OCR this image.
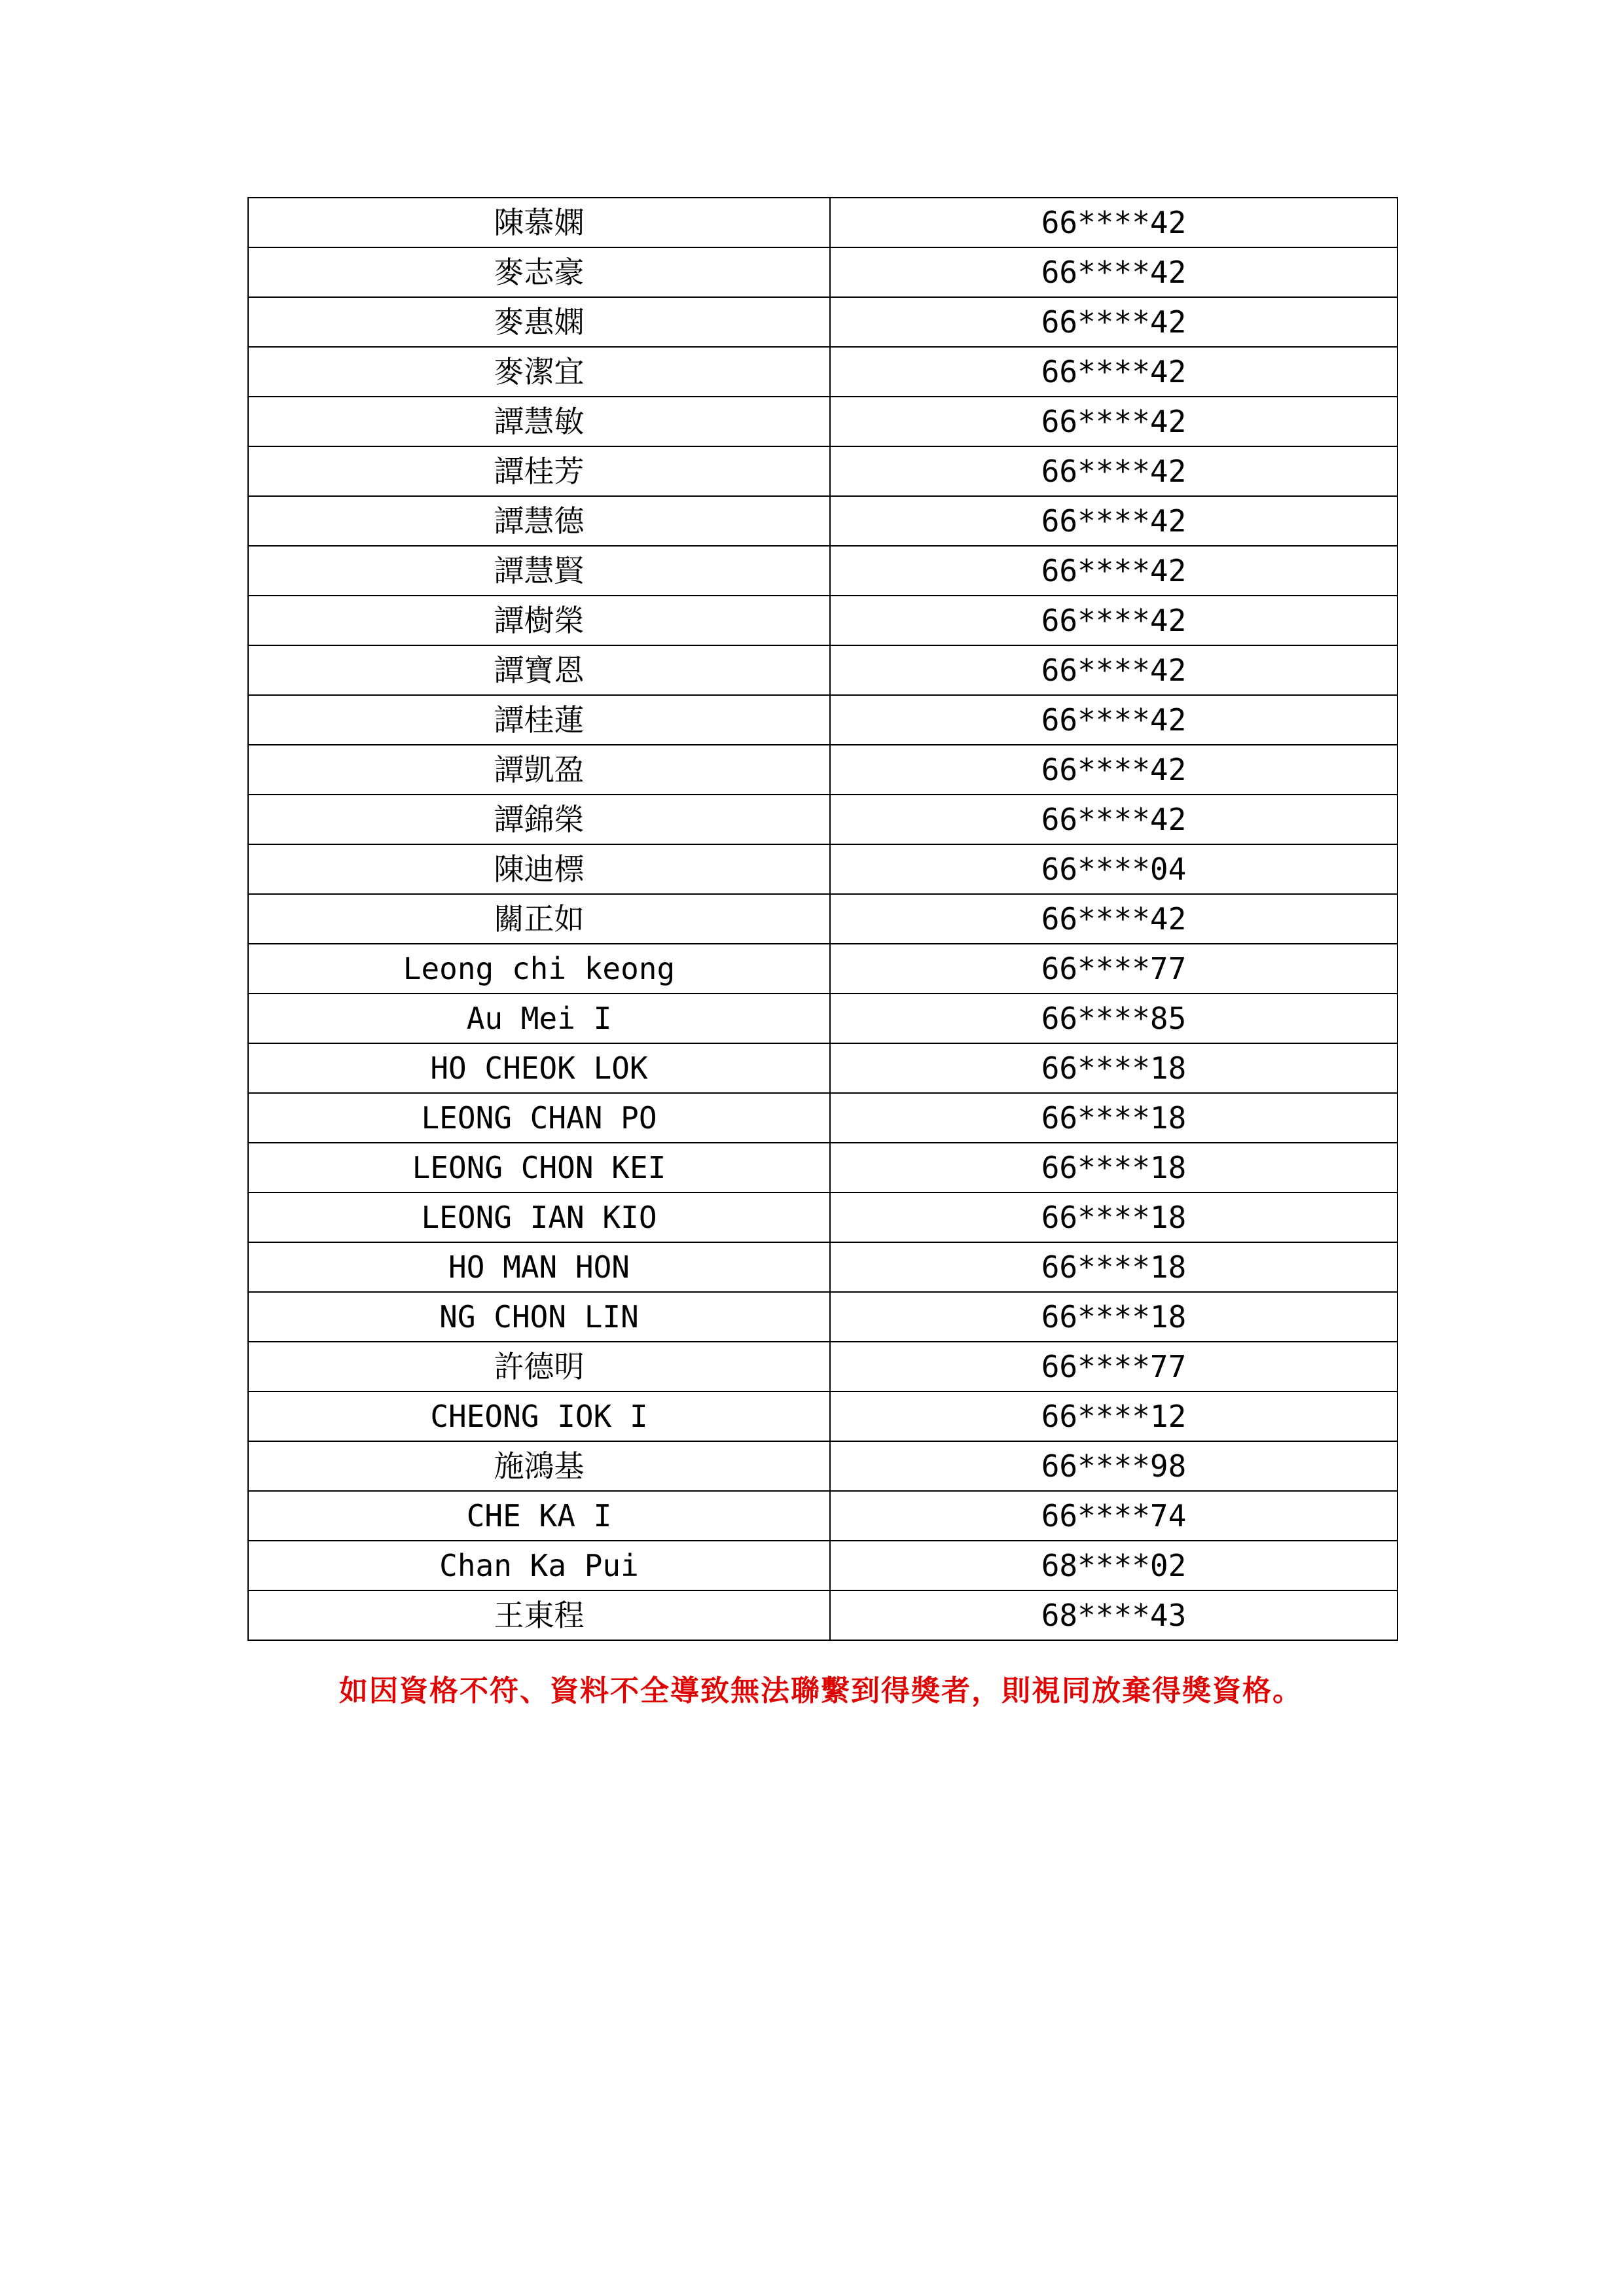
陳慕嫻	66****42
麥志豪	66****42
麥惠嫻	66****42
麥潔宜	66****42
譚慧敏	66****42
譚桂芳	66****42
譚慧德	66****42
譚慧賢	66****42
譚樹榮	66****42
譚寶恩	66****42
譚桂蓮	66****42
譚凱盈	66****42
譚錦榮	66****42
陳迪標	66****04
關正如	66****42
Leong chi keong	66****77
Au Mei I	66****85
HO CHEOK LOK	66****18
LEONG CHAN PO	66****18
LEONG CHON KEI	66****18
LEONG IAN KIO	66****18
HO MAN HON	66****18
NG CHON LIN	66****18
許德明	66****77
CHEONG IOK I	66****12
施鴻基	66****98
CHE KA I	66****74
Chan Ka Pui	68****02
王東程	68****43
如因資格不符、資料不全導致無法聯繫到得獎者，則視同放棄得獎資格。
